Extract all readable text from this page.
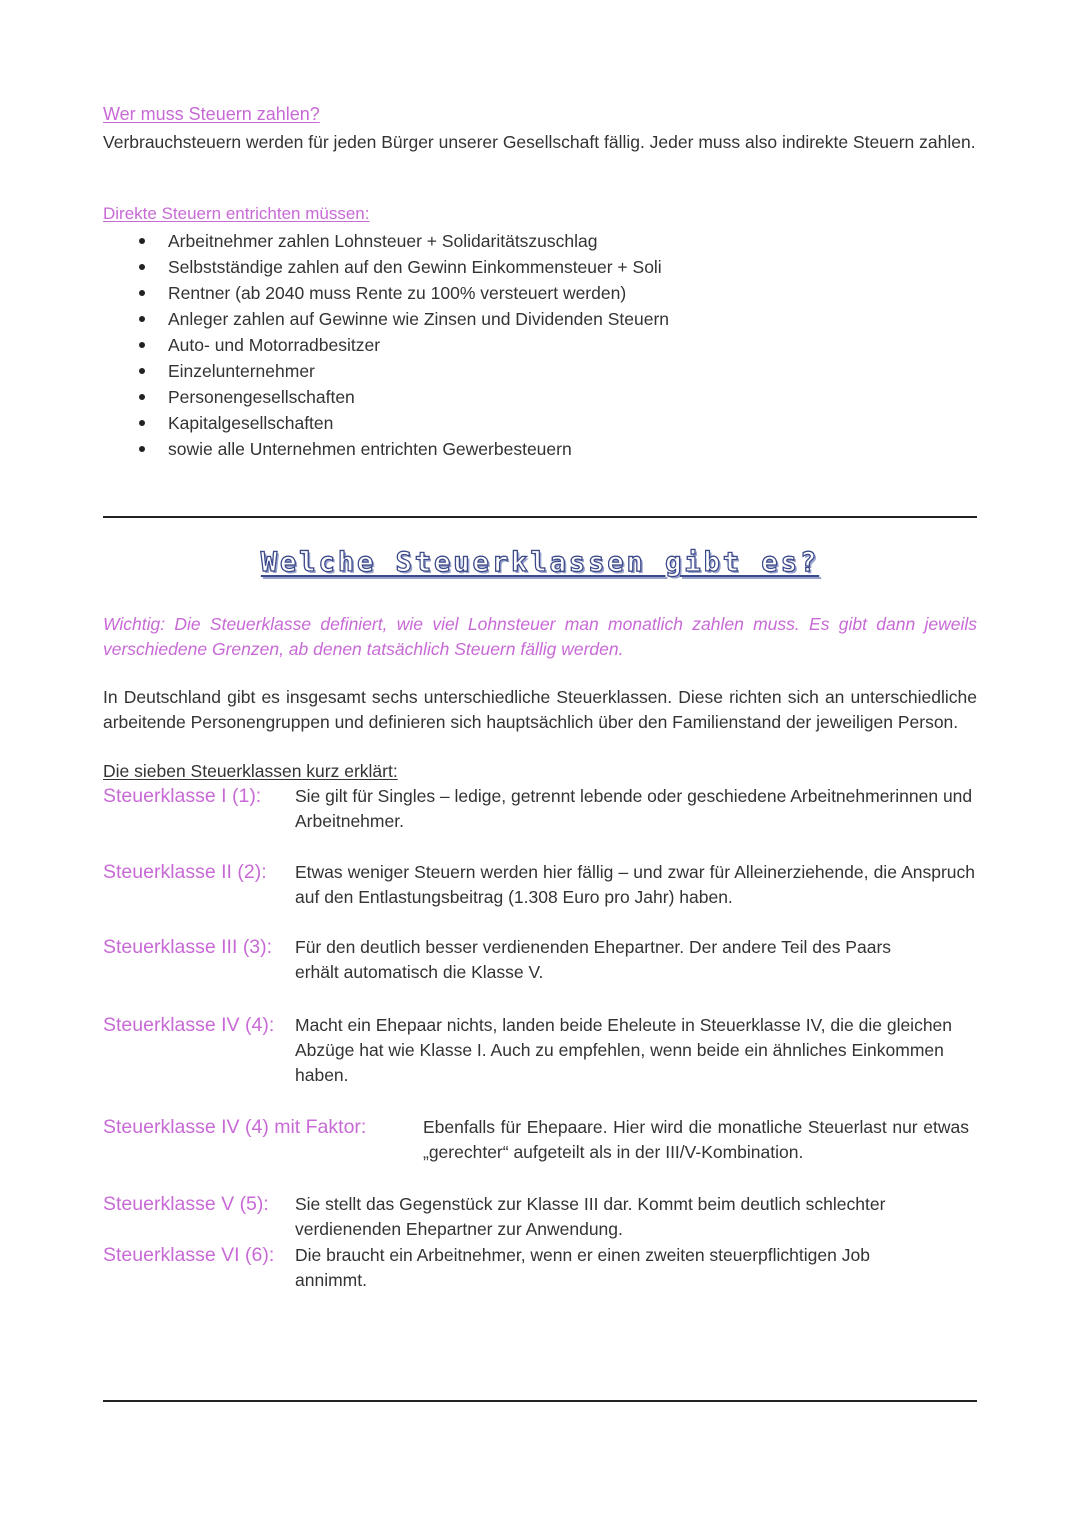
Wer muss Steuern zahlen?
Verbrauchsteuern werden für jeden Bürger unserer Gesellschaft fällig. Jeder muss also indirekte Steuern zahlen.
Direkte Steuern entrichten müssen:
Arbeitnehmer zahlen Lohnsteuer + Solidaritätszuschlag
Selbstständige zahlen auf den Gewinn Einkommensteuer + Soli
Rentner (ab 2040 muss Rente zu 100% versteuert werden)
Anleger zahlen auf Gewinne wie Zinsen und Dividenden Steuern
Auto- und Motorradbesitzer
Einzelunternehmer
Personengesellschaften
Kapitalgesellschaften
sowie alle Unternehmen entrichten Gewerbesteuern
Welche Steuerklassen gibt es?
Wichtig: Die Steuerklasse definiert, wie viel Lohnsteuer man monatlich zahlen muss. Es gibt dann jeweils verschiedene Grenzen, ab denen tatsächlich Steuern fällig werden.
In Deutschland gibt es insgesamt sechs unterschiedliche Steuerklassen. Diese richten sich an unterschiedliche arbeitende Personengruppen und definieren sich hauptsächlich über den Familienstand der jeweiligen Person.
Die sieben Steuerklassen kurz erklärt:
Steuerklasse I (1): Sie gilt für Singles – ledige, getrennt lebende oder geschiedene Arbeitnehmerinnen und Arbeitnehmer.
Steuerklasse II (2): Etwas weniger Steuern werden hier fällig – und zwar für Alleinerziehende, die Anspruch auf den Entlastungsbeitrag (1.308 Euro pro Jahr) haben.
Steuerklasse III (3): Für den deutlich besser verdienenden Ehepartner. Der andere Teil des Paars erhält automatisch die Klasse V.
Steuerklasse IV (4): Macht ein Ehepaar nichts, landen beide Eheleute in Steuerklasse IV, die die gleichen Abzüge hat wie Klasse I. Auch zu empfehlen, wenn beide ein ähnliches Einkommen haben.
Steuerklasse IV (4) mit Faktor:	Ebenfalls für Ehepaare. Hier wird die monatliche Steuerlast nur etwas „gerechter“ aufgeteilt als in der III/V-Kombination.
Steuerklasse V (5): Sie stellt das Gegenstück zur Klasse III dar. Kommt beim deutlich schlechter verdienenden Ehepartner zur Anwendung.
Steuerklasse VI (6): Die braucht ein Arbeitnehmer, wenn er einen zweiten steuerpflichtigen Job annimmt.
